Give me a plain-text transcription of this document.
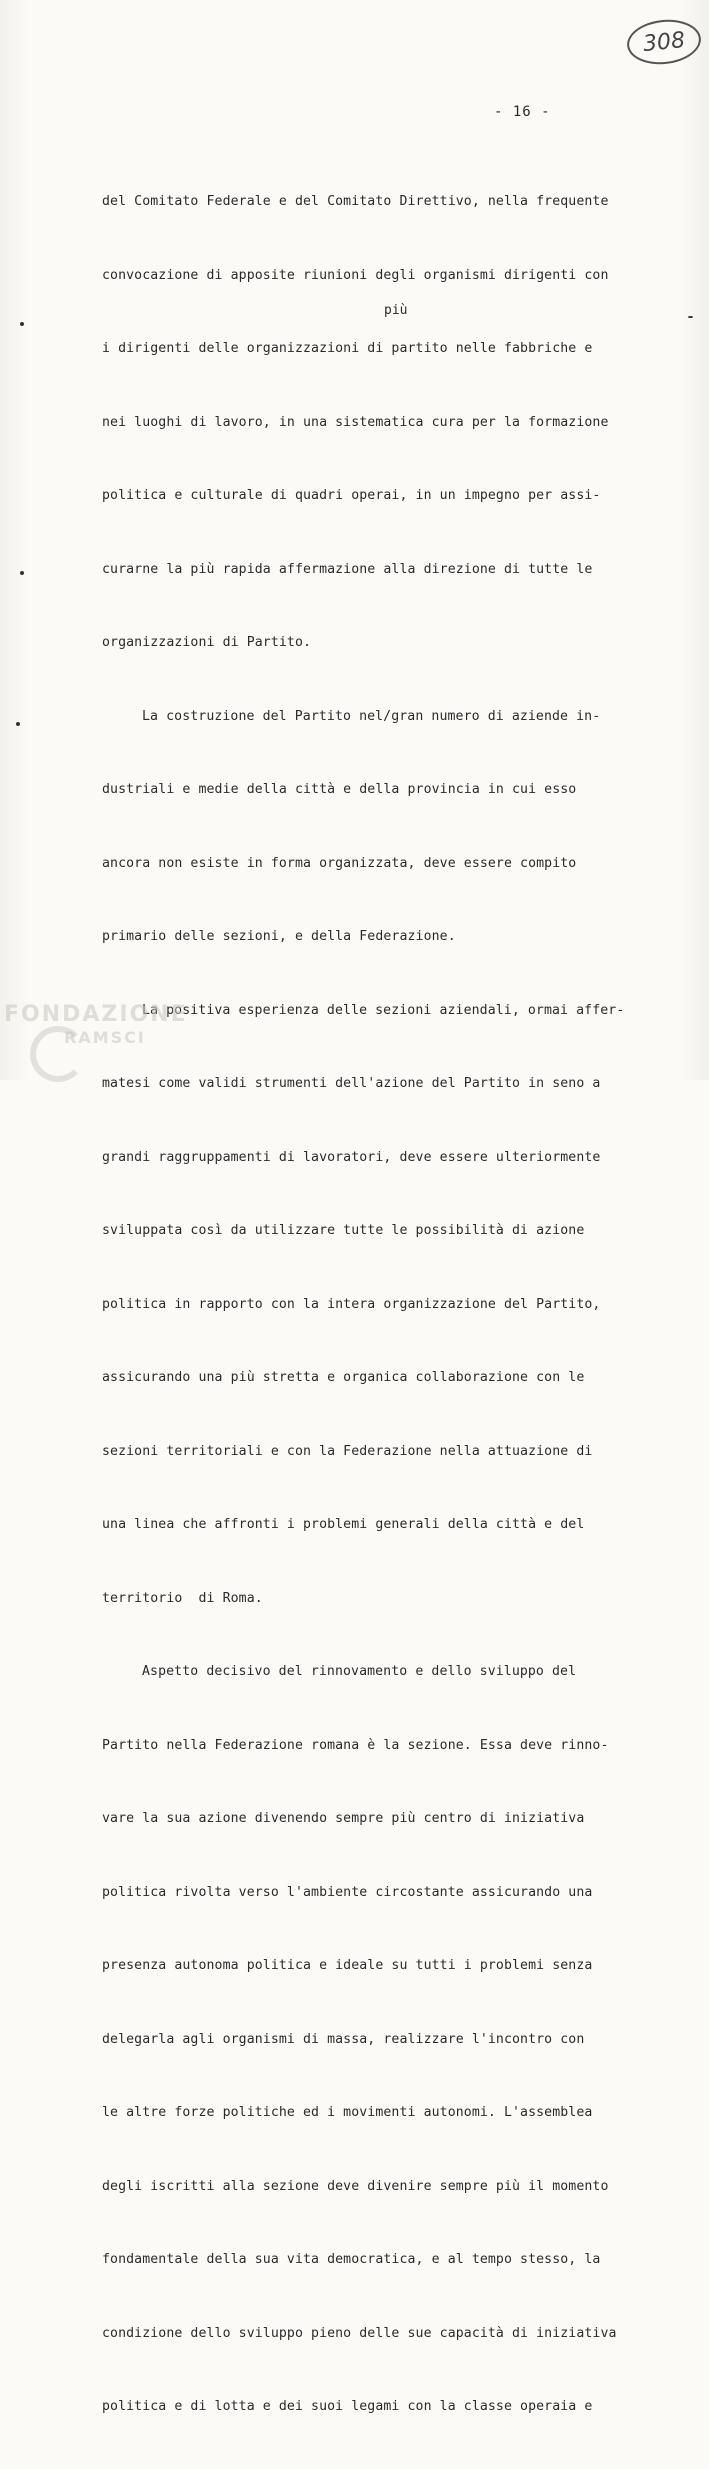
308
- 16 -
più

del Comitato Federale e del Comitato Direttivo, nella frequente

convocazione di apposite riunioni degli organismi dirigenti con

i dirigenti delle organizzazioni di partito nelle fabbriche e

nei luoghi di lavoro, in una sistematica cura per la formazione

politica e culturale di quadri operai, in un impegno per assi-

curarne la più rapida affermazione alla direzione di tutte le

organizzazioni di Partito.

La costruzione del Partito nel/gran numero di aziende in-

dustriali e medie della città e della provincia in cui esso

ancora non esiste in forma organizzata, deve essere compito

primario delle sezioni, e della Federazione.

La positiva esperienza delle sezioni aziendali, ormai affer-

matesi come validi strumenti dell'azione del Partito in seno a

grandi raggruppamenti di lavoratori, deve essere ulteriormente

sviluppata così da utilizzare tutte le possibilità di azione

politica in rapporto con la intera organizzazione del Partito,

assicurando una più stretta e organica collaborazione con le

sezioni territoriali e con la Federazione nella attuazione di

una linea che affronti i problemi generali della città e del

territorio  di Roma.

Aspetto decisivo del rinnovamento e dello sviluppo del

Partito nella Federazione romana è la sezione. Essa deve rinno-

vare la sua azione divenendo sempre più centro di iniziativa

politica rivolta verso l'ambiente circostante assicurando una

presenza autonoma politica e ideale su tutti i problemi senza

delegarla agli organismi di massa, realizzare l'incontro con

le altre forze politiche ed i movimenti autonomi. L'assemblea

degli iscritti alla sezione deve divenire sempre più il momento

fondamentale della sua vita democratica, e al tempo stesso, la

condizione dello sviluppo pieno delle sue capacità di iniziativa

politica e di lotta e dei suoi legami con la classe operaia e

FONDAZIONE
RAMSCI
